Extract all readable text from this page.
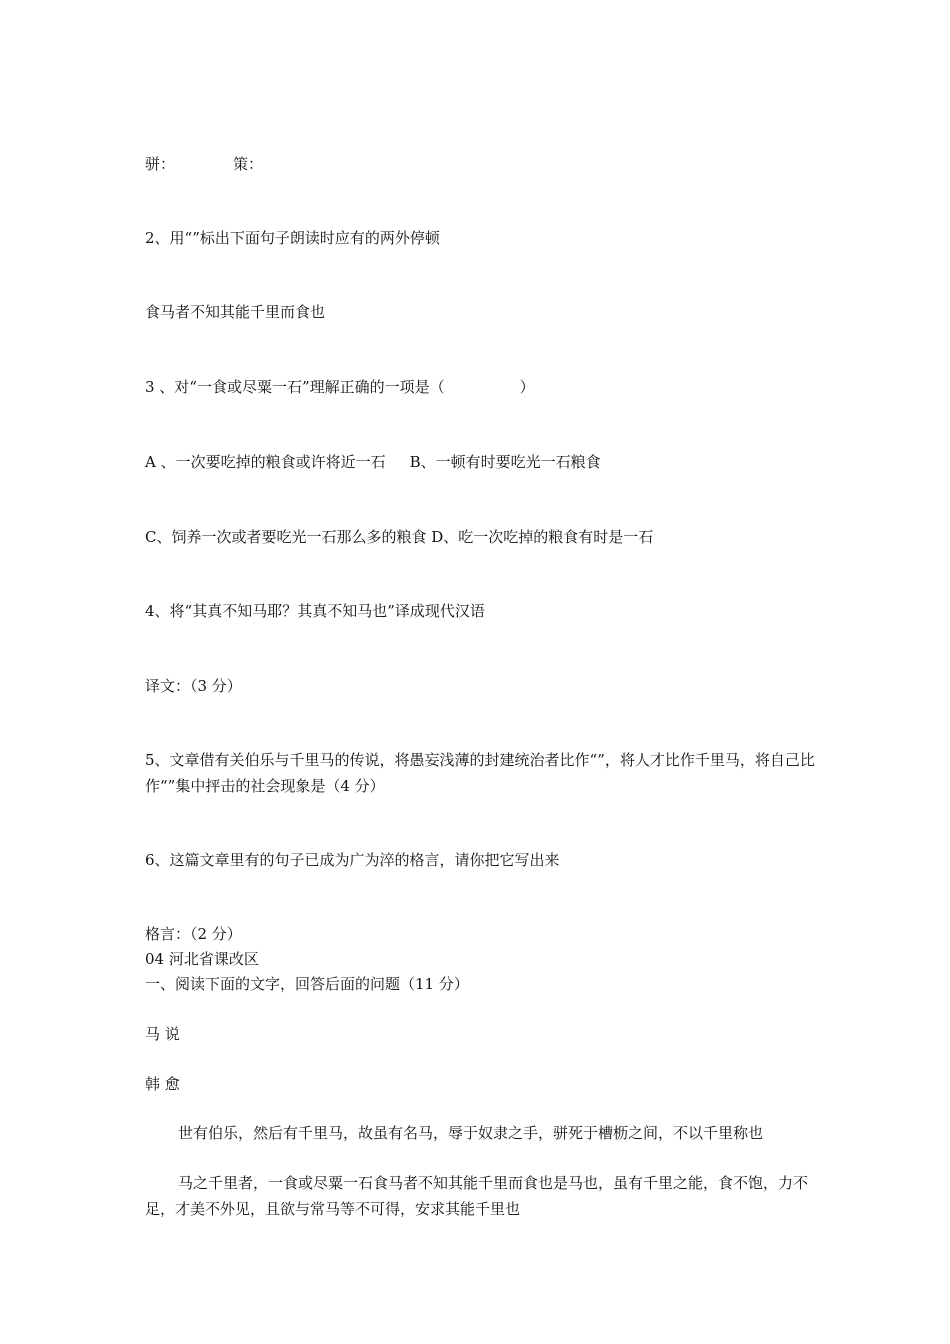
骈：	策：
2、用“”标出下面句子朗读时应有的两外停顿
食马者不知其能千里而食也
3 、对“一食或尽粟一石”理解正确的一项是（　　　　　）
A 、一次要吃掉的粮食或许将近一石 B、一顿有时要吃光一石粮食
C、饲养一次或者要吃光一石那么多的粮食 D、吃一次吃掉的粮食有时是一石
4、将“其真不知马耶？其真不知马也”译成现代汉语
译文：（3 分）
5、文章借有关伯乐与千里马的传说，将愚妄浅薄的封建统治者比作“”，将人才比作千里马，将自己比作“”集中抨击的社会现象是（4 分）
6、这篇文章里有的句子已成为广为淬的格言，请你把它写出来
格言：（2 分）
04 河北省课改区
一、阅读下面的文字，回答后面的问题（11 分）
马 说
韩 愈
世有伯乐，然后有千里马，故虽有名马，辱于奴隶之手，骈死于槽枥之间，不以千里称也
马之千里者，一食或尽粟一石食马者不知其能千里而食也是马也，虽有千里之能，食不饱，力不足，才美不外见，且欲与常马等不可得，安求其能千里也
